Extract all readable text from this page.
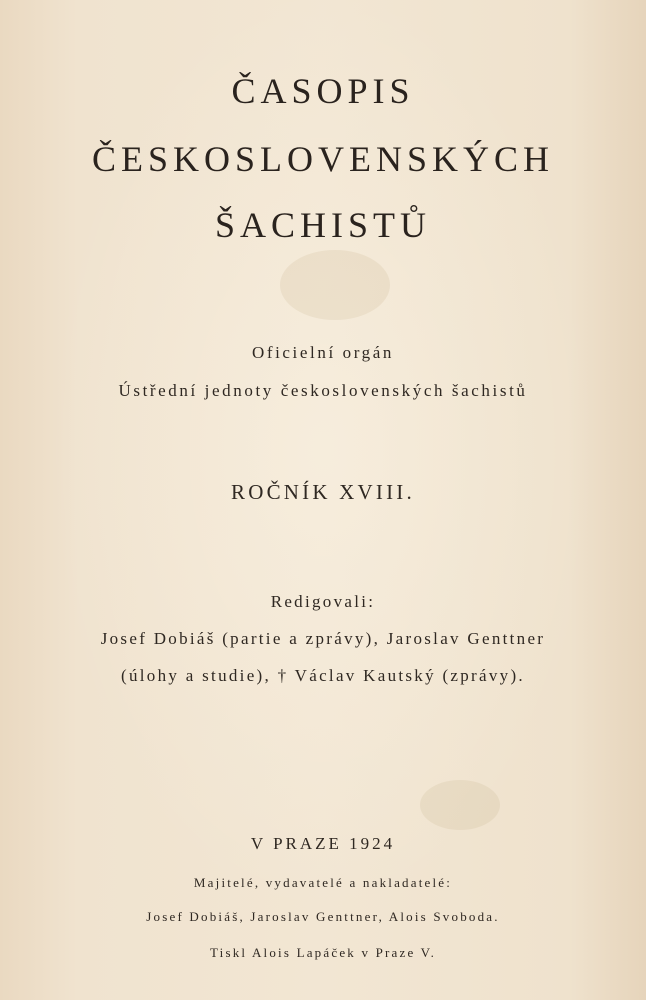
ČASOPIS
ČESKOSLOVENSKÝCH
ŠACHISTŮ
Oficielní orgán
Ústřední jednoty československých šachistů
ROČNÍK XVIII.
Redigovali:
Josef Dobiáš (partie a zprávy), Jaroslav Genttner
(úlohy a studie), † Václav Kautský (zprávy).
V PRAZE 1924
Majitelé, vydavatelé a nakladatelé:
Josef Dobiáš, Jaroslav Genttner, Alois Svoboda.
Tiskl Alois Lapáček v Praze V.
